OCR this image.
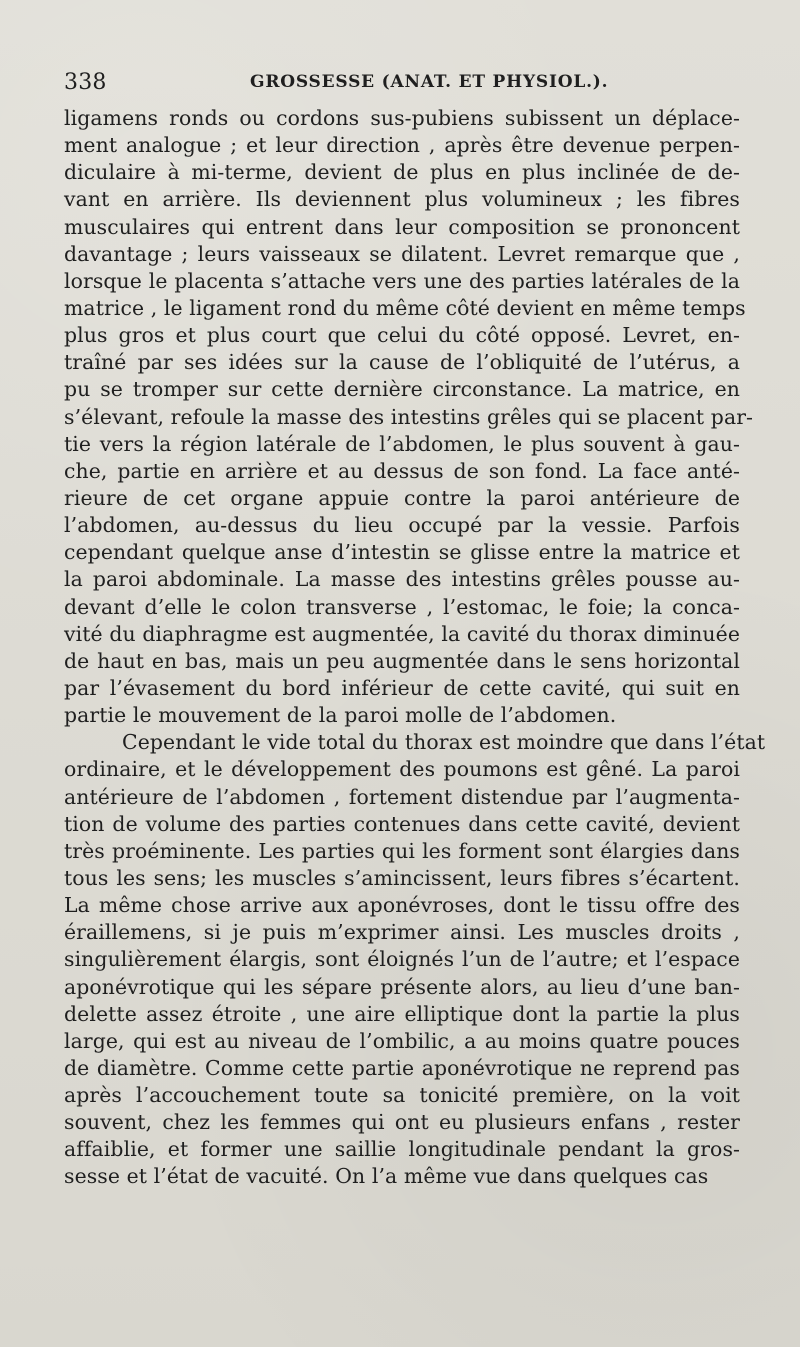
338	GROSSESSE (ANAT. ET PHYSIOL.).
ligamens ronds ou cordons sus-pubiens subissent un déplace-
ment analogue ; et leur direction , après être devenue perpen-
diculaire à mi-terme, devient de plus en plus inclinée de de-
vant en arrière. Ils deviennent plus volumineux ; les fibres
musculaires qui entrent dans leur composition se prononcent
davantage ; leurs vaisseaux se dilatent. Levret remarque que ,
lorsque le placenta s’attache vers une des parties latérales de la
matrice , le ligament rond du même côté devient en même temps
plus gros et plus court que celui du côté opposé. Levret, en-
traîné par ses idées sur la cause de l’obliquité de l’utérus, a
pu se tromper sur cette dernière circonstance. La matrice, en
s’élevant, refoule la masse des intestins grêles qui se placent par-
tie vers la région latérale de l’abdomen, le plus souvent à gau-
che, partie en arrière et au dessus de son fond. La face anté-
rieure de cet organe appuie contre la paroi antérieure de
l’abdomen, au-dessus du lieu occupé par la vessie. Parfois
cependant quelque anse d’intestin se glisse entre la matrice et
la paroi abdominale. La masse des intestins grêles pousse au-
devant d’elle le colon transverse , l’estomac, le foie; la conca-
vité du diaphragme est augmentée, la cavité du thorax diminuée
de haut en bas, mais un peu augmentée dans le sens horizontal
par l’évasement du bord inférieur de cette cavité, qui suit en
partie le mouvement de la paroi molle de l’abdomen.
Cependant le vide total du thorax est moindre que dans l’état
ordinaire, et le développement des poumons est gêné. La paroi
antérieure de l’abdomen , fortement distendue par l’augmenta-
tion de volume des parties contenues dans cette cavité, devient
très proéminente. Les parties qui les forment sont élargies dans
tous les sens; les muscles s’amincissent, leurs fibres s’écartent.
La même chose arrive aux aponévroses, dont le tissu offre des
éraillemens, si je puis m’exprimer ainsi. Les muscles droits ,
singulièrement élargis, sont éloignés l’un de l’autre; et l’espace
aponévrotique qui les sépare présente alors, au lieu d’une ban-
delette assez étroite , une aire elliptique dont la partie la plus
large, qui est au niveau de l’ombilic, a au moins quatre pouces
de diamètre. Comme cette partie aponévrotique ne reprend pas
après l’accouchement toute sa tonicité première, on la voit
souvent, chez les femmes qui ont eu plusieurs enfans , rester
affaiblie, et former une saillie longitudinale pendant la gros-
sesse et l’état de vacuité. On l’a même vue dans quelques cas
